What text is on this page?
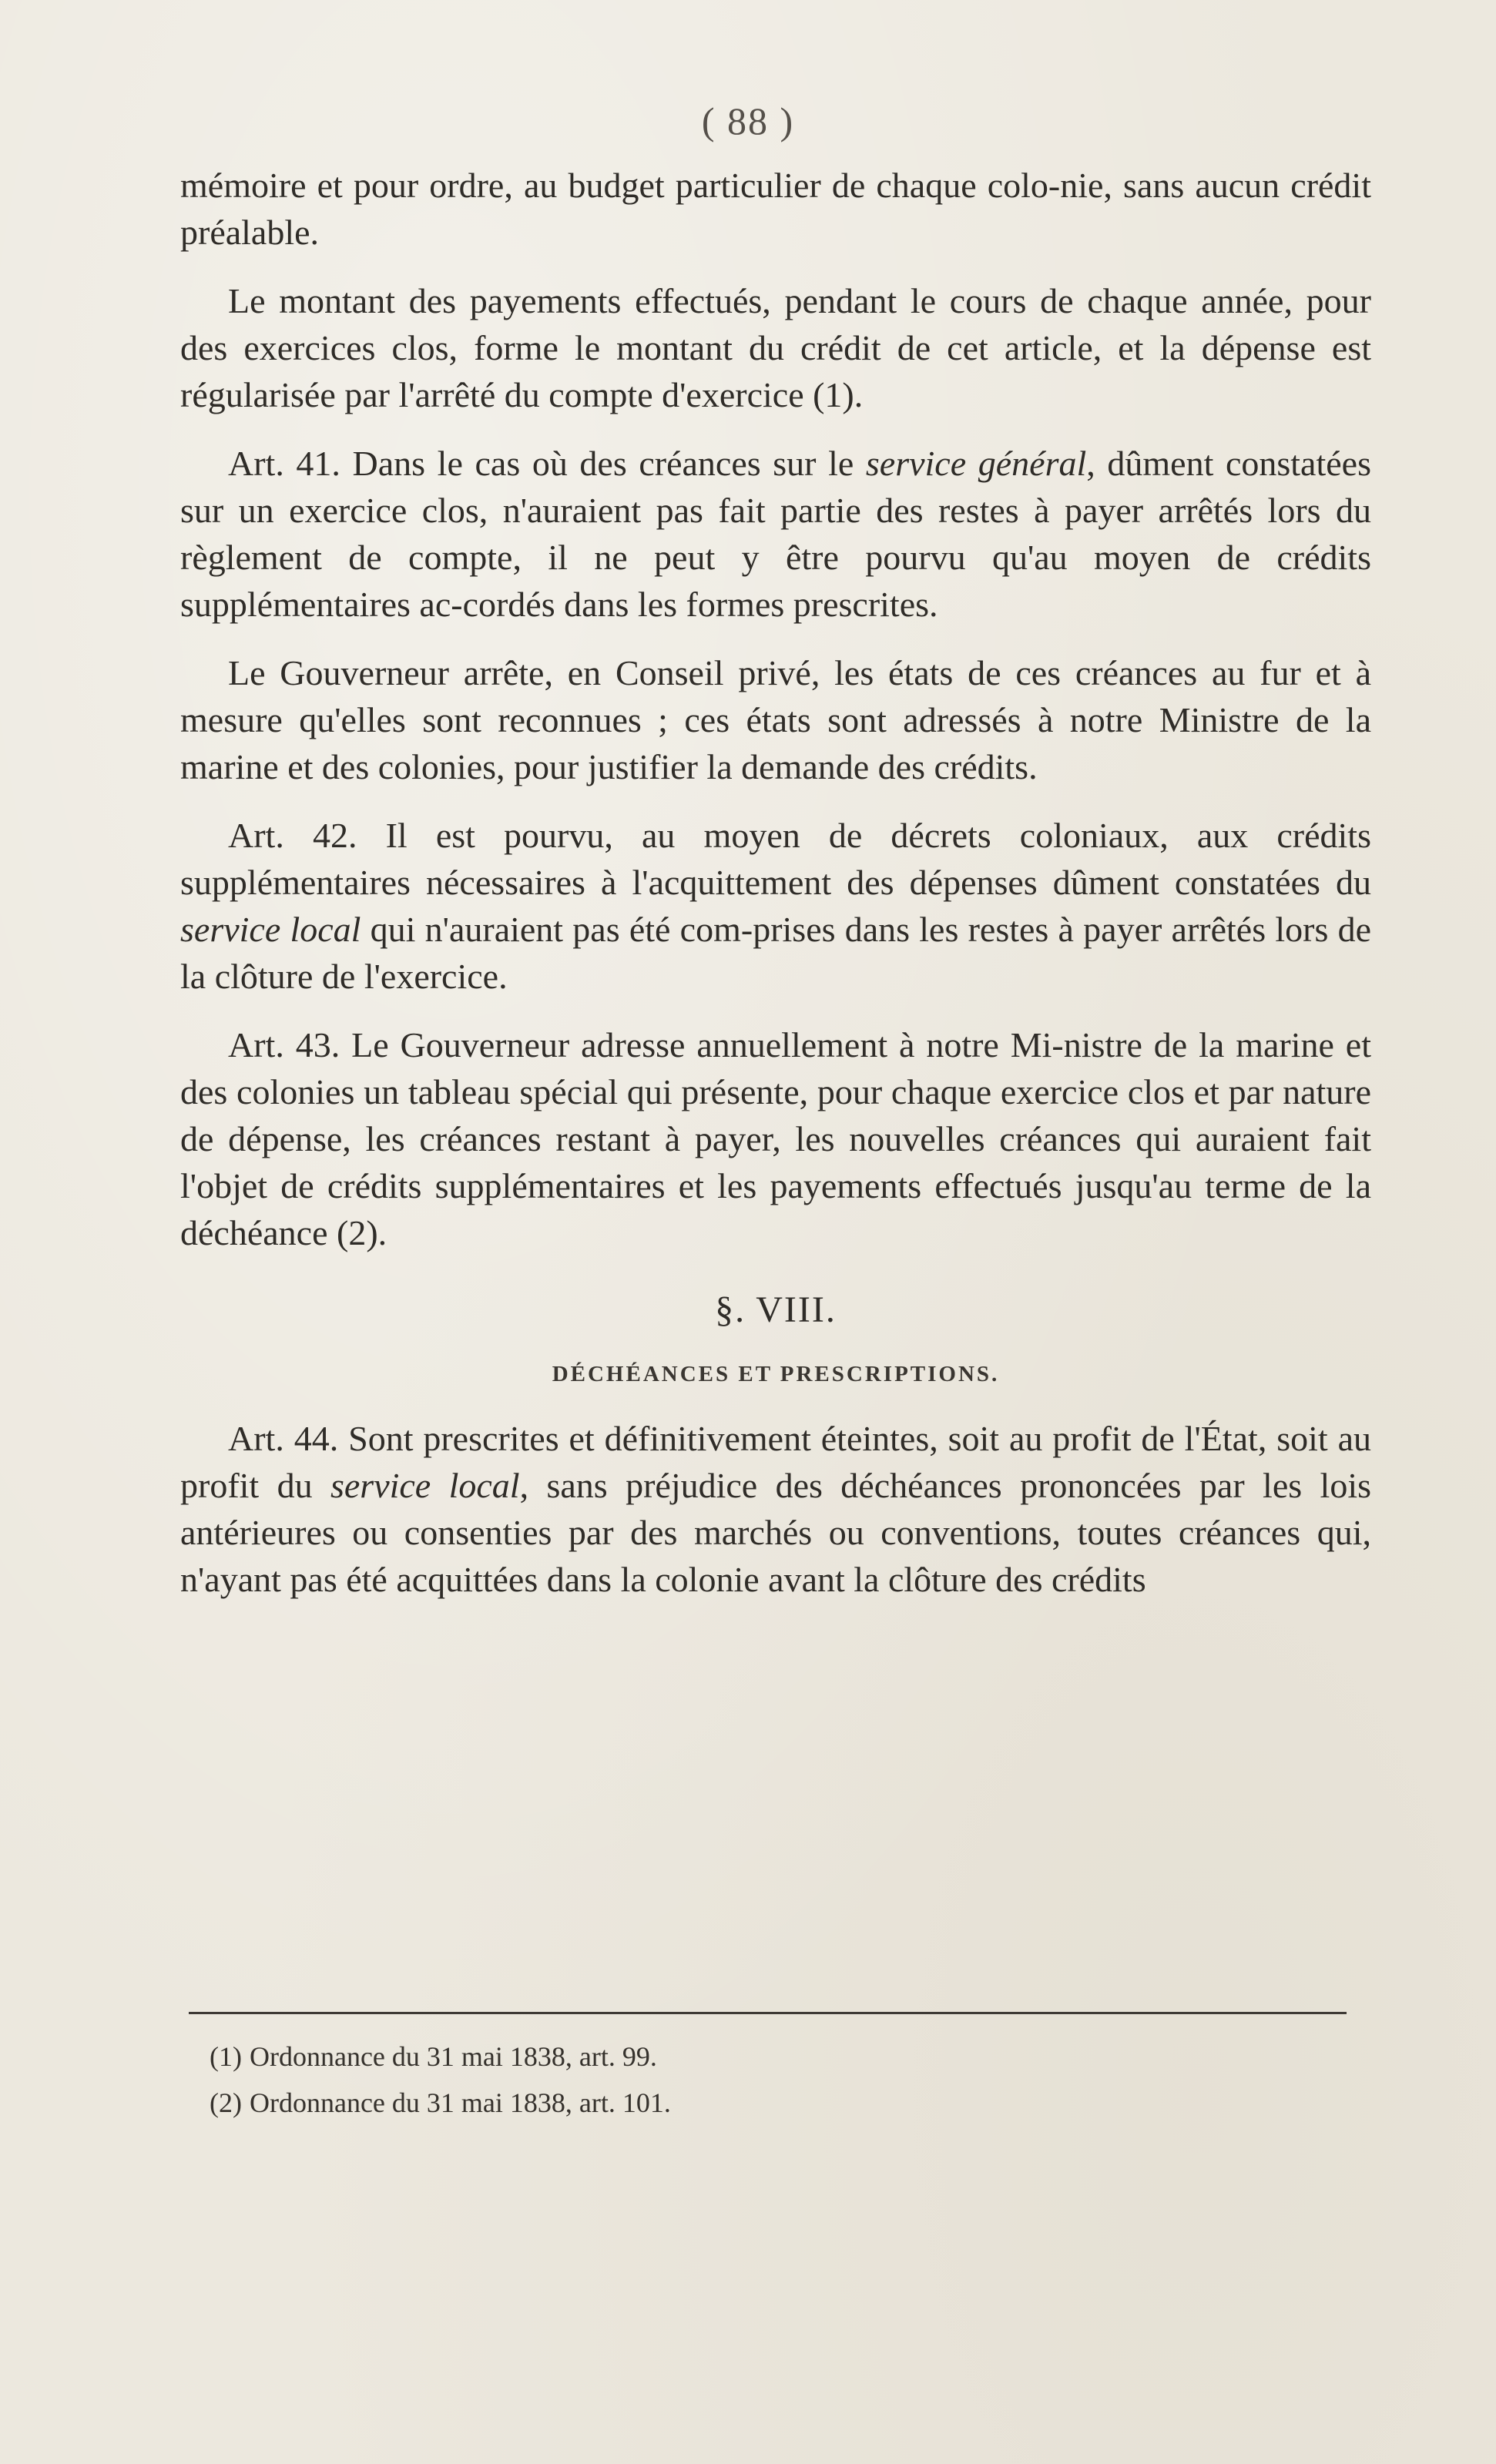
( 88 )

mémoire et pour ordre, au budget particulier de chaque colo-nie, sans aucun crédit préalable.

Le montant des payements effectués, pendant le cours de chaque année, pour des exercices clos, forme le montant du crédit de cet article, et la dépense est régularisée par l'arrêté du compte d'exercice (1).

Art. 41. Dans le cas où des créances sur le service général, dûment constatées sur un exercice clos, n'auraient pas fait partie des restes à payer arrêtés lors du règlement de compte, il ne peut y être pourvu qu'au moyen de crédits supplémentaires ac-cordés dans les formes prescrites.

Le Gouverneur arrête, en Conseil privé, les états de ces créances au fur et à mesure qu'elles sont reconnues ; ces états sont adressés à notre Ministre de la marine et des colonies, pour justifier la demande des crédits.

Art. 42. Il est pourvu, au moyen de décrets coloniaux, aux crédits supplémentaires nécessaires à l'acquittement des dépenses dûment constatées du service local qui n'auraient pas été com-prises dans les restes à payer arrêtés lors de la clôture de l'exercice.

Art. 43. Le Gouverneur adresse annuellement à notre Mi-nistre de la marine et des colonies un tableau spécial qui présente, pour chaque exercice clos et par nature de dépense, les créances restant à payer, les nouvelles créances qui auraient fait l'objet de crédits supplémentaires et les payements effectués jusqu'au terme de la déchéance (2).

§. VIII.
DÉCHÉANCES ET PRESCRIPTIONS.

Art. 44. Sont prescrites et définitivement éteintes, soit au profit de l'État, soit au profit du service local, sans préjudice des déchéances prononcées par les lois antérieures ou consenties par des marchés ou conventions, toutes créances qui, n'ayant pas été acquittées dans la colonie avant la clôture des crédits

(1) Ordonnance du 31 mai 1838, art. 99.
(2) Ordonnance du 31 mai 1838, art. 101.
